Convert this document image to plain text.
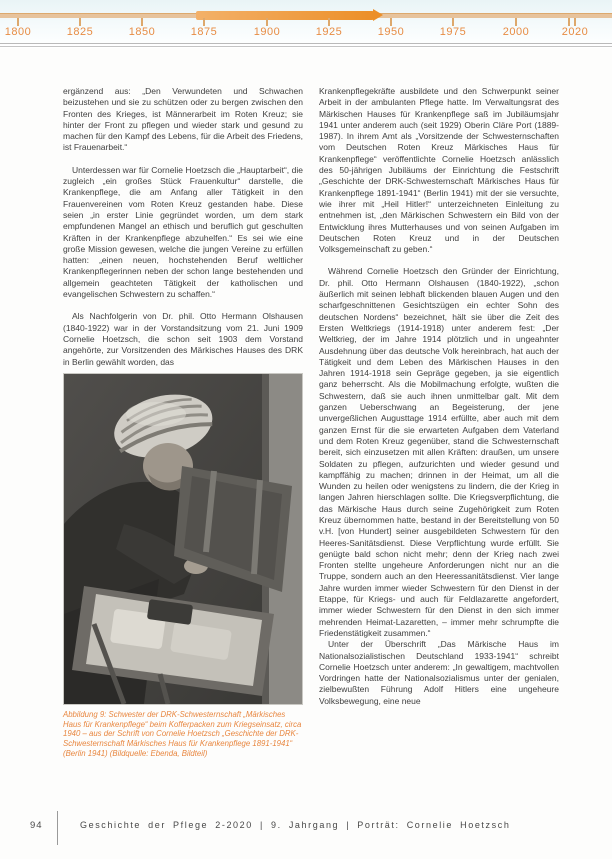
1800	1825	1850	1875	1900	1925	1950	1975	2000	2020

ergänzend aus: „Den Verwundeten und Schwachen beizustehen und sie zu schützen oder zu bergen zwischen den Fronten des Krieges, ist Männerarbeit im Roten Kreuz; sie hinter der Front zu pflegen und wieder stark und gesund zu machen für den Kampf des Lebens, für die Arbeit des Friedens, ist Frauenarbeit.“

Unterdessen war für Cornelie Hoetzsch die „Hauptarbeit“, die zugleich „ein großes Stück Frauenkultur“ darstelle, die Krankenpflege, die am Anfang aller Tätigkeit in den Frauenvereinen vom Roten Kreuz gestanden habe. Diese seien „in erster Linie gegründet worden, um dem stark empfundenen Mangel an ethisch und beruflich gut geschulten Kräften in der Krankenpflege abzuhelfen.“ Es sei wie eine große Mission gewesen, welche die jungen Vereine zu erfüllen hatten: „einen neuen, hochstehenden Beruf weltlicher Krankenpflegerinnen neben der schon lange bestehenden und allgemein geachteten Tätigkeit der katholischen und evangelischen Schwestern zu schaffen.“

Als Nachfolgerin von Dr. phil. Otto Hermann Olshausen (1840-1922) war in der Vorstandsitzung vom 21. Juni 1909 Cornelie Hoetzsch, die schon seit 1903 dem Vorstand angehörte, zur Vorsitzenden des Märkisches Hauses des DRK in Berlin gewählt worden, das

Abbildung 9: Schwester der DRK-Schwesternschaft „Märkisches Haus für Krankenpflege“ beim Kofferpacken zum Kriegseinsatz, circa 1940 – aus der Schrift von Cornelie Hoetzsch „Geschichte der DRK-Schwesternschaft Märkisches Haus für Krankenpflege 1891-1941“ (Berlin 1941) (Bildquelle: Ebenda, Bildteil)

Krankenpflegekräfte ausbildete und den Schwerpunkt seiner Arbeit in der ambulanten Pflege hatte. Im Verwaltungsrat des Märkischen Hauses für Krankenpflege saß im Jubiläumsjahr 1941 unter anderem auch (seit 1929) Oberin Cläre Port (1889-1987). In ihrem Amt als „Vorsitzende der Schwesternschaften vom Deutschen Roten Kreuz Märkisches Haus für Krankenpflege“ veröffentlichte Cornelie Hoetzsch anlässlich des 50-jährigen Jubiläums der Einrichtung die Festschrift „Geschichte der DRK-Schwesternschaft Märkisches Haus für Krankenpflege 1891-1941“ (Berlin 1941) mit der sie versuchte, wie ihrer mit „Heil Hitler!“ unterzeichneten Einleitung zu entnehmen ist, „den Märkischen Schwestern ein Bild von der Entwicklung ihres Mutterhauses und von seinen Aufgaben im Deutschen Roten Kreuz und in der Deutschen Volksgemeinschaft zu geben.“

Während Cornelie Hoetzsch den Gründer der Einrichtung, Dr. phil. Otto Hermann Olshausen (1840-1922), „schon äußerlich mit seinen lebhaft blickenden blauen Augen und den scharfgeschnittenen Gesichtszügen ein echter Sohn des deutschen Nordens“ bezeichnet, hält sie über die Zeit des Ersten Weltkriegs (1914-1918) unter anderem fest: „Der Weltkrieg, der im Jahre 1914 plötzlich und in ungeahnter Ausdehnung über das deutsche Volk hereinbrach, hat auch der Tätigkeit und dem Leben des Märkischen Hauses in den Jahren 1914-1918 sein Gepräge gegeben, ja sie eigentlich ganz beherrscht. Als die Mobilmachung erfolgte, wußten die Schwestern, daß sie auch ihnen unmittelbar galt. Mit dem ganzen Ueberschwang an Begeisterung, der jene unvergeßlichen Augusttage 1914 erfüllte, aber auch mit dem ganzen Ernst für die sie erwarteten Aufgaben dem Vaterland und dem Roten Kreuz gegenüber, stand die Schwesternschaft bereit, sich einzusetzen mit allen Kräften: draußen, um unsere Soldaten zu pflegen, aufzurichten und wieder gesund und kampffähig zu machen; drinnen in der Heimat, um all die Wunden zu heilen oder wenigstens zu lindern, die der Krieg in langen Jahren hierschlagen sollte. Die Kriegsverpflichtung, die das Märkische Haus durch seine Zugehörigkeit zum Roten Kreuz übernommen hatte, bestand in der Bereitstellung von 50 v.H. [von Hundert] seiner ausgebildeten Schwestern für den Heeres-Sanitätsdienst. Diese Verpflichtung wurde erfüllt. Sie genügte bald schon nicht mehr; denn der Krieg nach zwei Fronten stellte ungeheure Anforderungen nicht nur an die Truppe, sondern auch an den Heeressanitätsdienst. Vier lange Jahre wurden immer wieder Schwestern für den Dienst in der Etappe, für Kriegs- und auch für Feldlazarette angefordert, immer wieder Schwestern für den Dienst in den sich immer mehrenden Heimat-Lazaretten, – immer mehr schrumpfte die Friedenstätigkeit zusammen.“

Unter der Überschrift „Das Märkische Haus im Nationalsozialistischen Deutschland 1933-1941“ schreibt Cornelie Hoetzsch unter anderem: „In gewaltigem, machtvollen Vordringen hatte der Nationalsozialismus unter der genialen, zielbewußten Führung Adolf Hitlers eine ungeheure Volksbewegung, eine neue

94	Geschichte der Pflege 2-2020 | 9. Jahrgang | Porträt: Cornelie Hoetzsch
